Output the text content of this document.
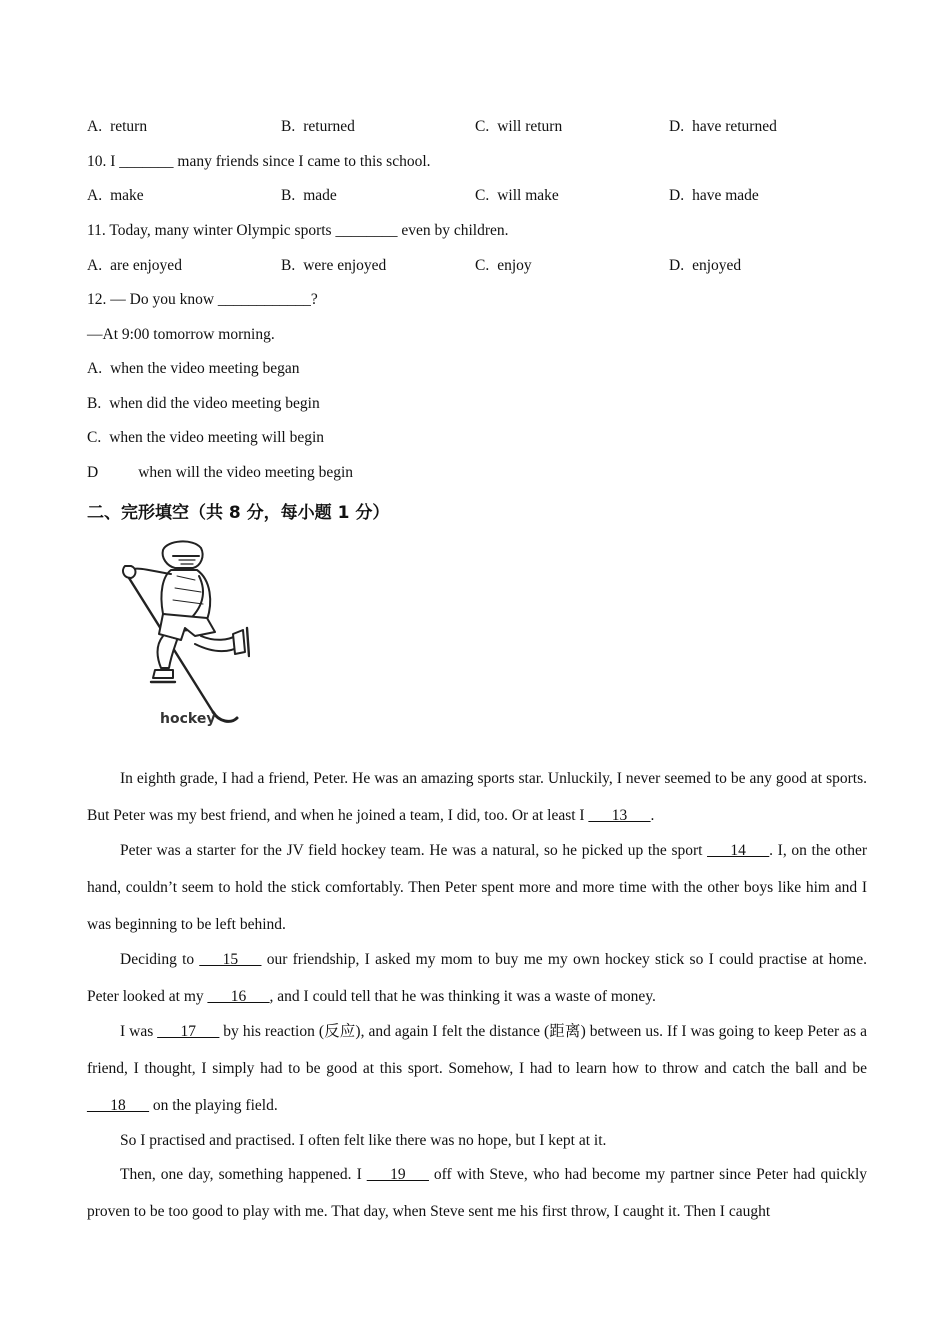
A. return	B. returned	C. will return	D. have returned
10. I _______ many friends since I came to this school.
A. make	B. made	C. will make	D. have made
11. Today, many winter Olympic sports ________ even by children.
A. are enjoyed	B. were enjoyed	C. enjoy	D. enjoyed
12. — Do you know ____________?
—At 9:00 tomorrow morning.
A. when the video meeting began
B. when did the video meeting begin
C. when the video meeting will begin
D	when will the video meeting begin
二、完形填空（共 8 分，每小题 1 分）
hockey
In eighth grade, I had a friend, Peter. He was an amazing sports star. Unluckily, I never seemed to be any good at sports. But Peter was my best friend, and when he joined a team, I did, too. Or at least I ___13___.
Peter was a starter for the JV field hockey team. He was a natural, so he picked up the sport ___14___. I, on the other hand, couldn’t seem to hold the stick comfortably. Then Peter spent more and more time with the other boys like him and I was beginning to be left behind.
Deciding to ___15___ our friendship, I asked my mom to buy me my own hockey stick so I could practise at home. Peter looked at my ___16___, and I could tell that he was thinking it was a waste of money.
I was ___17___ by his reaction (反应), and again I felt the distance (距离) between us. If I was going to keep Peter as a friend, I thought, I simply had to be good at this sport. Somehow, I had to learn how to throw and catch the ball and be ___18___ on the playing field.
So I practised and practised. I often felt like there was no hope, but I kept at it.
Then, one day, something happened. I ___19___ off with Steve, who had become my partner since Peter had quickly proven to be too good to play with me. That day, when Steve sent me his first throw, I caught it. Then I caught
